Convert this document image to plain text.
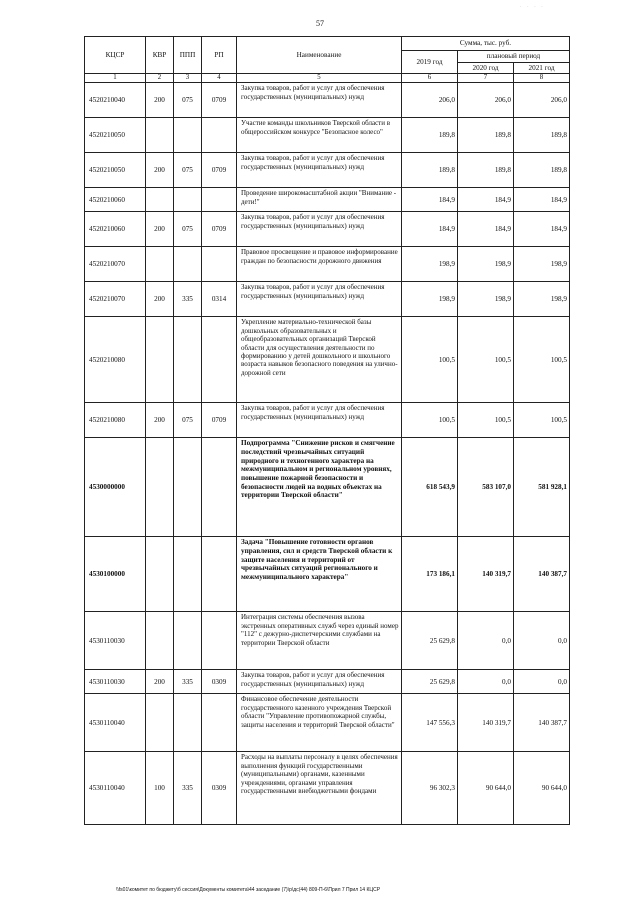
· · · ·
57
КЦСР	КВР	ППП	РП	Наименование	Сумма, тыс. руб.		
					2019 год	плановый период	
						2020 год	2021 год
1	2	3	4	5	6	7	8
4520210040	200	075	0709	Закупка товаров, работ и услуг для обеспечения государственных (муниципальных) нужд	206,0	206,0	206,0
4520210050				Участие команды школьников Тверской области в общероссийском конкурсе "Безопасное колесо"	189,8	189,8	189,8
4520210050	200	075	0709	Закупка товаров, работ и услуг для обеспечения государственных (муниципальных) нужд	189,8	189,8	189,8
4520210060				Проведение широкомасштабной акции "Внимание - дети!"	184,9	184,9	184,9
4520210060	200	075	0709	Закупка товаров, работ и услуг для обеспечения государственных (муниципальных) нужд	184,9	184,9	184,9
4520210070				Правовое просвещение и правовое информирование граждан по безопасности дорожного движения	198,9	198,9	198,9
4520210070	200	335	0314	Закупка товаров, работ и услуг для обеспечения государственных (муниципальных) нужд	198,9	198,9	198,9
4520210080				Укрепление материально-технической базы дошкольных образовательных и общеобразовательных организаций Тверской области для осуществления деятельности по формированию у детей дошкольного и школьного возраста навыков безопасного поведения на улично-дорожной сети	100,5	100,5	100,5
4520210080	200	075	0709	Закупка товаров, работ и услуг для обеспечения государственных (муниципальных) нужд	100,5	100,5	100,5
4530000000				Подпрограмма "Снижение рисков и смягчение последствий чрезвычайных ситуаций природного и техногенного характера на межмуниципальном и региональном уровнях, повышение пожарной безопасности и безопасности людей на водных объектах на территории Тверской области"	618 543,9	583 107,0	581 928,1
4530100000				Задача "Повышение готовности органов управления, сил и средств Тверской области к защите населения и территорий от чрезвычайных ситуаций регионального и межмуниципального характера"	173 186,1	140 319,7	140 387,7
4530110030				Интеграция системы обеспечения вызова экстренных оперативных служб через единый номер "112" с дежурно-диспетчерскими службами на территории Тверской области	25 629,8	0,0	0,0
4530110030	200	335	0309	Закупка товаров, работ и услуг для обеспечения государственных (муниципальных) нужд	25 629,8	0,0	0,0
4530110040				Финансовое обеспечение деятельности государственного казенного учреждения Тверской области "Управление противопожарной службы, защиты населения и территорий Тверской области"	147 556,3	140 319,7	140 387,7
4530110040	100	335	0309	Расходы на выплаты персоналу в целях обеспечения выполнения функций государственными (муниципальными) органами, казенными учреждениями, органами управления государственными внебюджетными фондами	96 302,3	90 644,0	90 644,0
\\fs01\комитет по бюджету\б сессия\Документы комитета\44 заседание (7)\р\дс(44) 809-П-6\Прил 7 Прил 14 КЦСР
